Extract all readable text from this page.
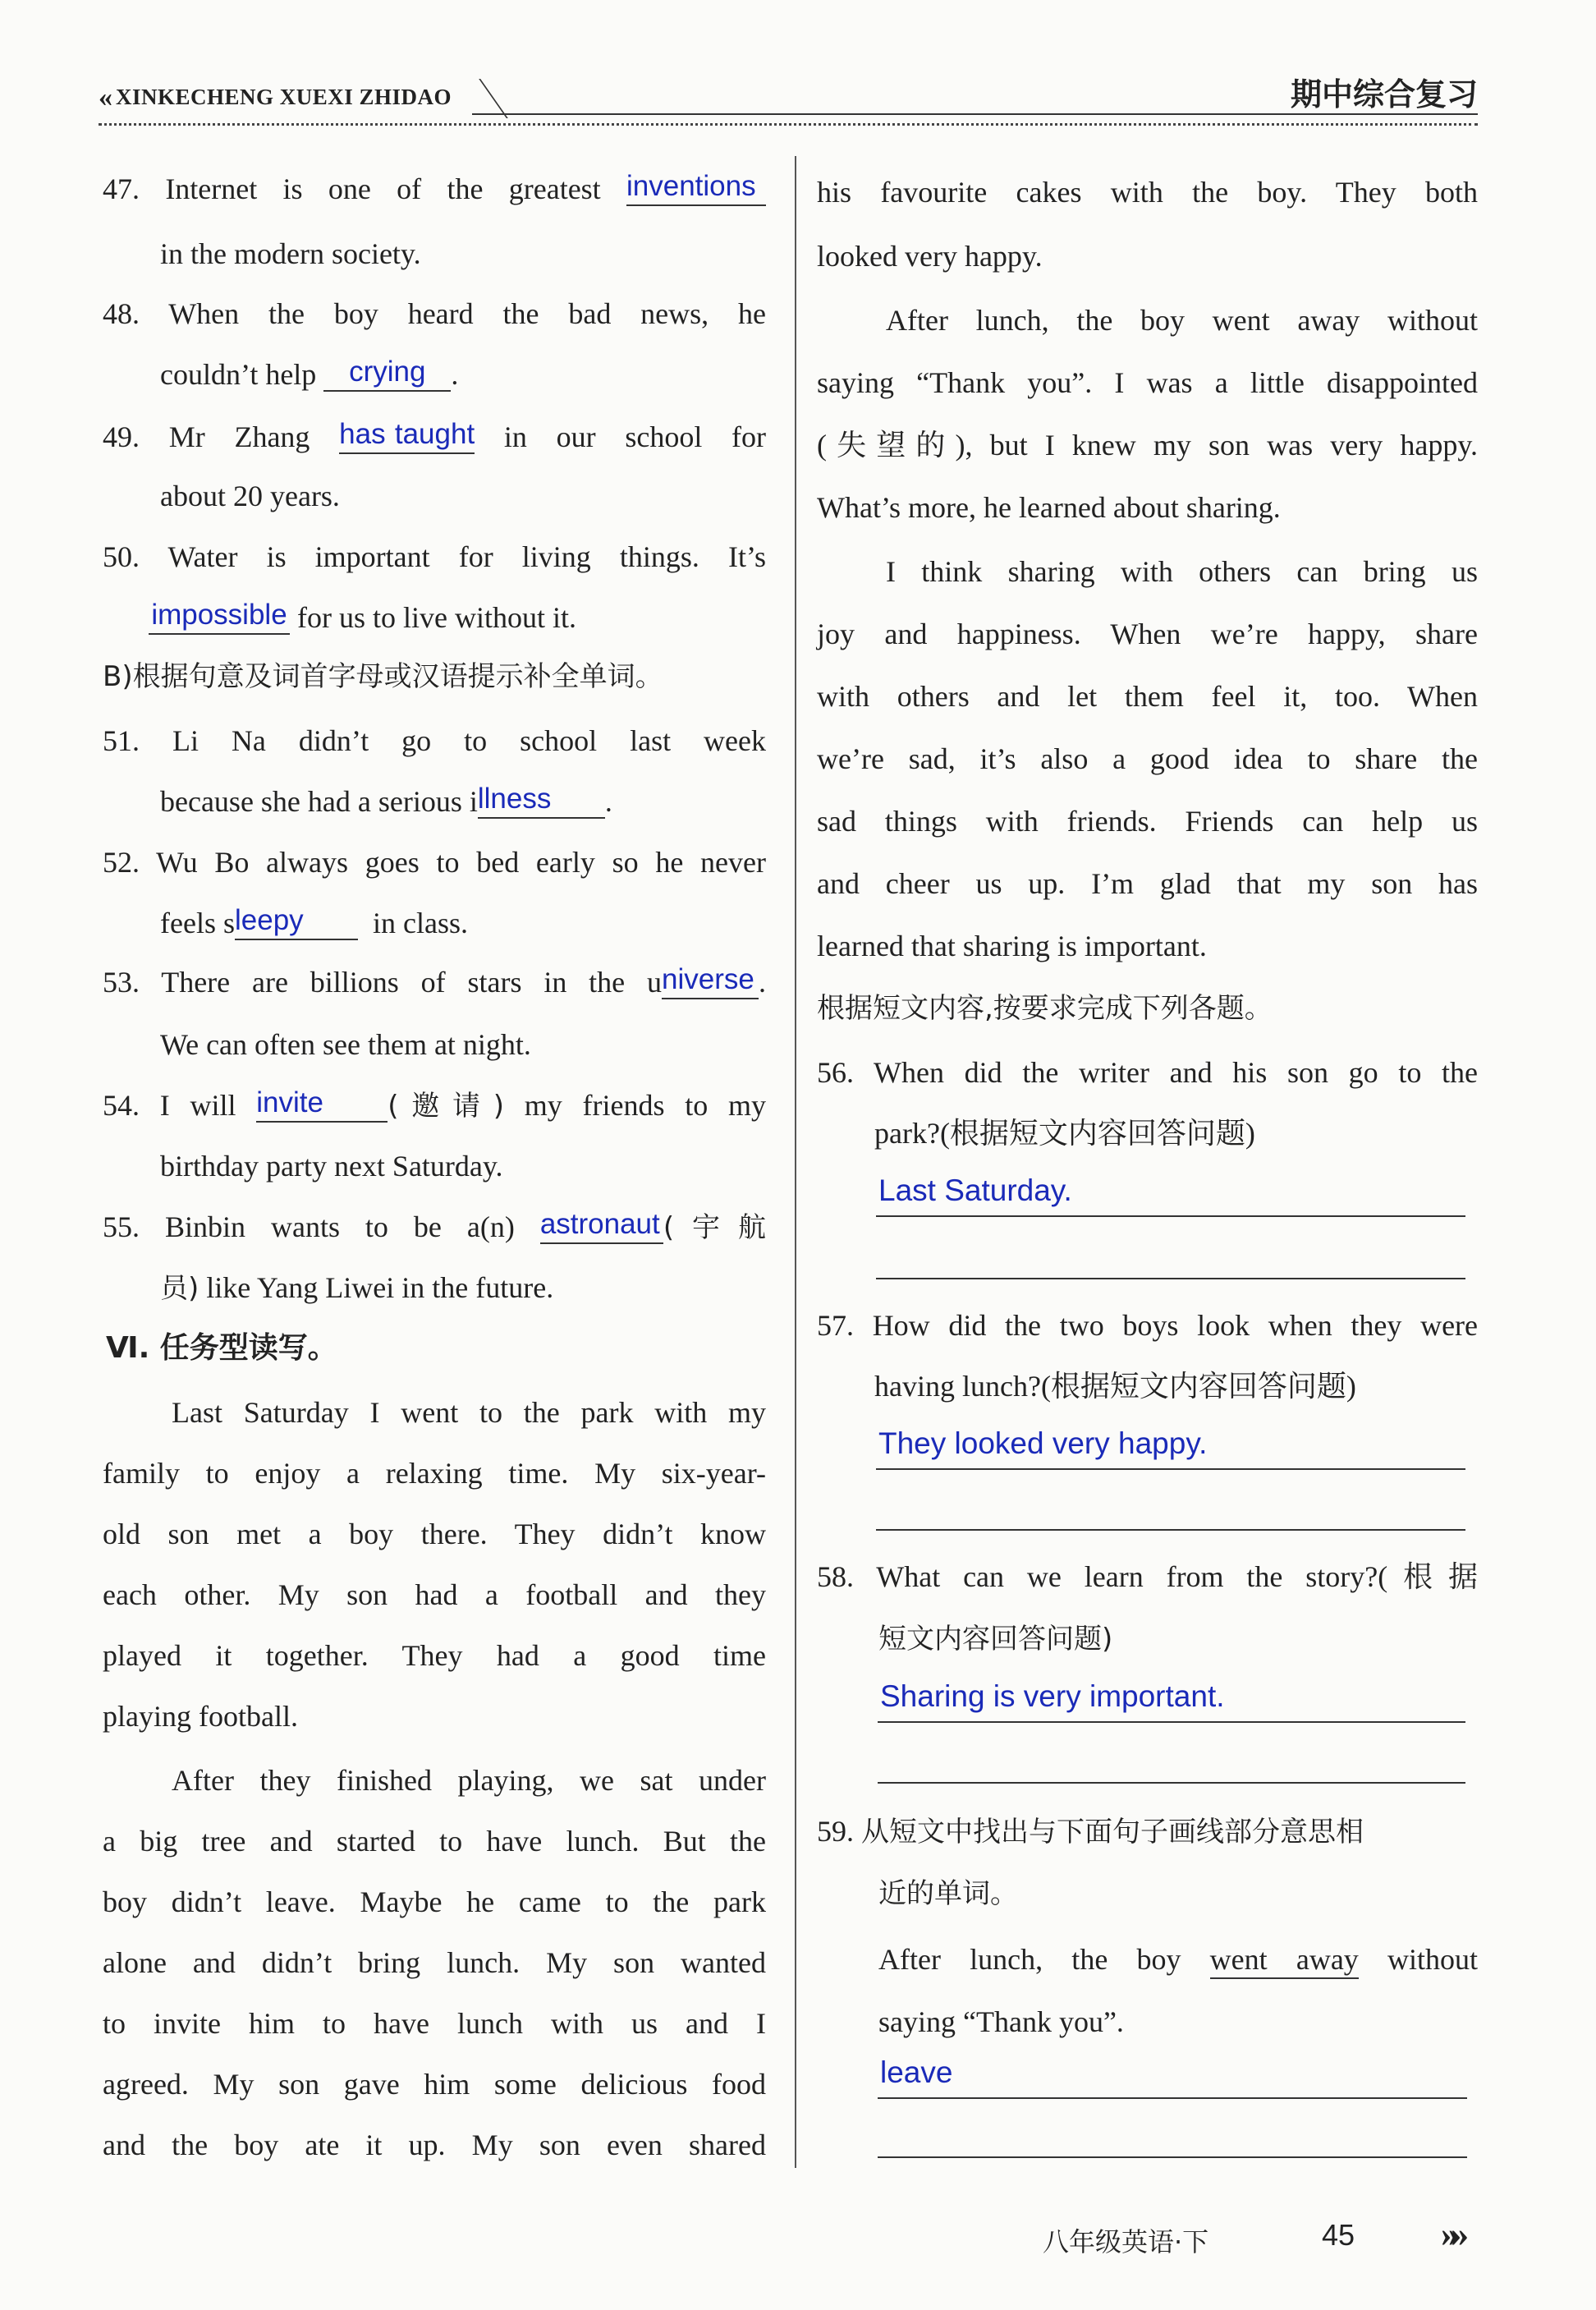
« XINKECHENG XUEXI ZHIDAO	期中综合复习
47. Internet is one of the greatest inventions
in the modern society.
48. When the boy heard the bad news, he
couldn’t help crying .
49. Mr Zhang has taught in our school for
about 20 years.
50. Water is important for living things. It’s
impossible for us to live without it.
B)根据句意及词首字母或汉语提示补全单词。
51. Li Na didn’t go to school last week
because she had a serious illness .
52. Wu Bo always goes to bed early so he never
feels sleepy in class.
53. There are billions of stars in the universe .
We can often see them at night.
54. I will invite (邀请) my friends to my
birthday party next Saturday.
55. Binbin wants to be a(n) astronaut (宇航
员) like Yang Liwei in the future.
Ⅵ. 任务型读写。
Last Saturday I went to the park with my
family to enjoy a relaxing time. My six-year-
old son met a boy there. They didn’t know
each other. My son had a football and they
played it together. They had a good time
playing football.
After they finished playing, we sat under
a big tree and started to have lunch. But the
boy didn’t leave. Maybe he came to the park
alone and didn’t bring lunch. My son wanted
to invite him to have lunch with us and I
agreed. My son gave him some delicious food
and the boy ate it up. My son even shared
his favourite cakes with the boy. They both
looked very happy.
After lunch, the boy went away without
saying “Thank you”. I was a little disappointed
(失望的), but I knew my son was very happy.
What’s more, he learned about sharing.
I think sharing with others can bring us
joy and happiness. When we’re happy, share
with others and let them feel it, too. When
we’re sad, it’s also a good idea to share the
sad things with friends. Friends can help us
and cheer us up. I’m glad that my son has
learned that sharing is important.
根据短文内容,按要求完成下列各题。
56. When did the writer and his son go to the
park?(根据短文内容回答问题)
Last Saturday.
57. How did the two boys look when they were
having lunch?(根据短文内容回答问题)
They looked very happy.
58. What can we learn from the story?(根据
短文内容回答问题)
Sharing is very important.
59. 从短文中找出与下面句子画线部分意思相
近的单词。
After lunch, the boy went away without
saying “Thank you”.
leave
八年级英语·下	45 »»
